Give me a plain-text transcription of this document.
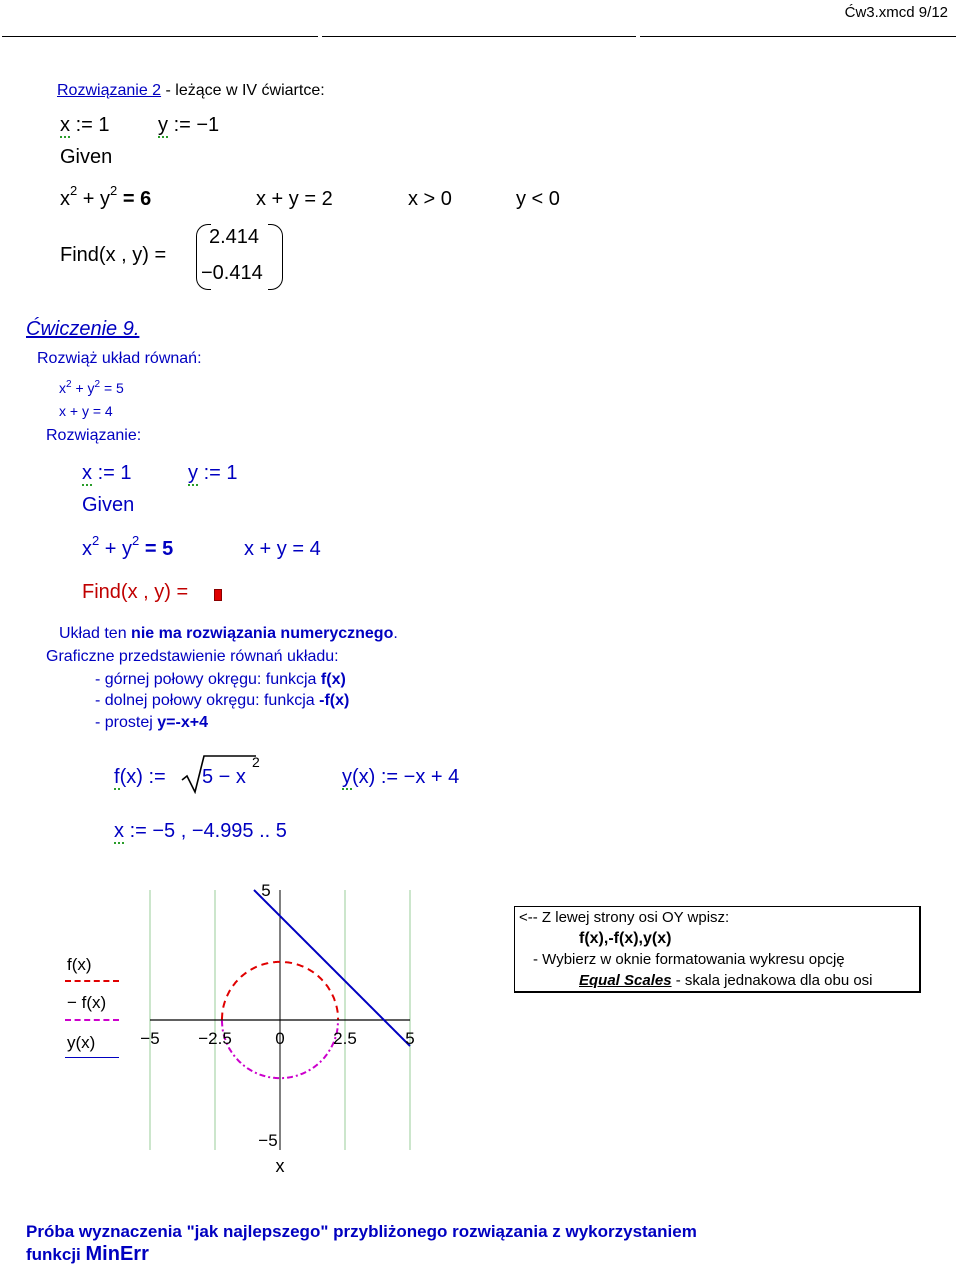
Ćw3.xmcd 9/12
Rozwiązanie 2 - leżące w IV ćwiartce:
x := 1 y := −1
Given
$x^2 + y^2 = 6$	x + y = 2	x > 0	y < 0
Find(x , y) =
2.414
−0.414
Ćwiczenie 9.
Rozwiąż układ równań:
$x^2 + y^2 = 5$
x + y = 4
Rozwiązanie:
x := 1	y := 1
Given
$x^2 + y^2 = 5$	x + y = 4
Find(x , y) =
Układ ten nie ma rozwiązania numerycznego.
Graficzne przedstawienie równań układu:
- górnej połowy okręgu: funkcja f(x)
- dolnej połowy okręgu: funkcja -f(x)
- prostej y=-x+4
f(x) := 5 − x
2
y(x) := −x + 4
x := −5 , −4.995 .. 5
f(x)
− f(x)
y(x)	−5 −2.5	0	2.5	5
5
−5
x
<-- Z lewej strony osi OY wpisz:
f(x),-f(x),y(x)
- Wybierz w oknie formatowania wykresu opcję
Equal Scales - skala jednakowa dla obu osi
Próba wyznaczenia "jak najlepszego" przybliżonego rozwiązania z wykorzystaniem
funkcji MinErr
